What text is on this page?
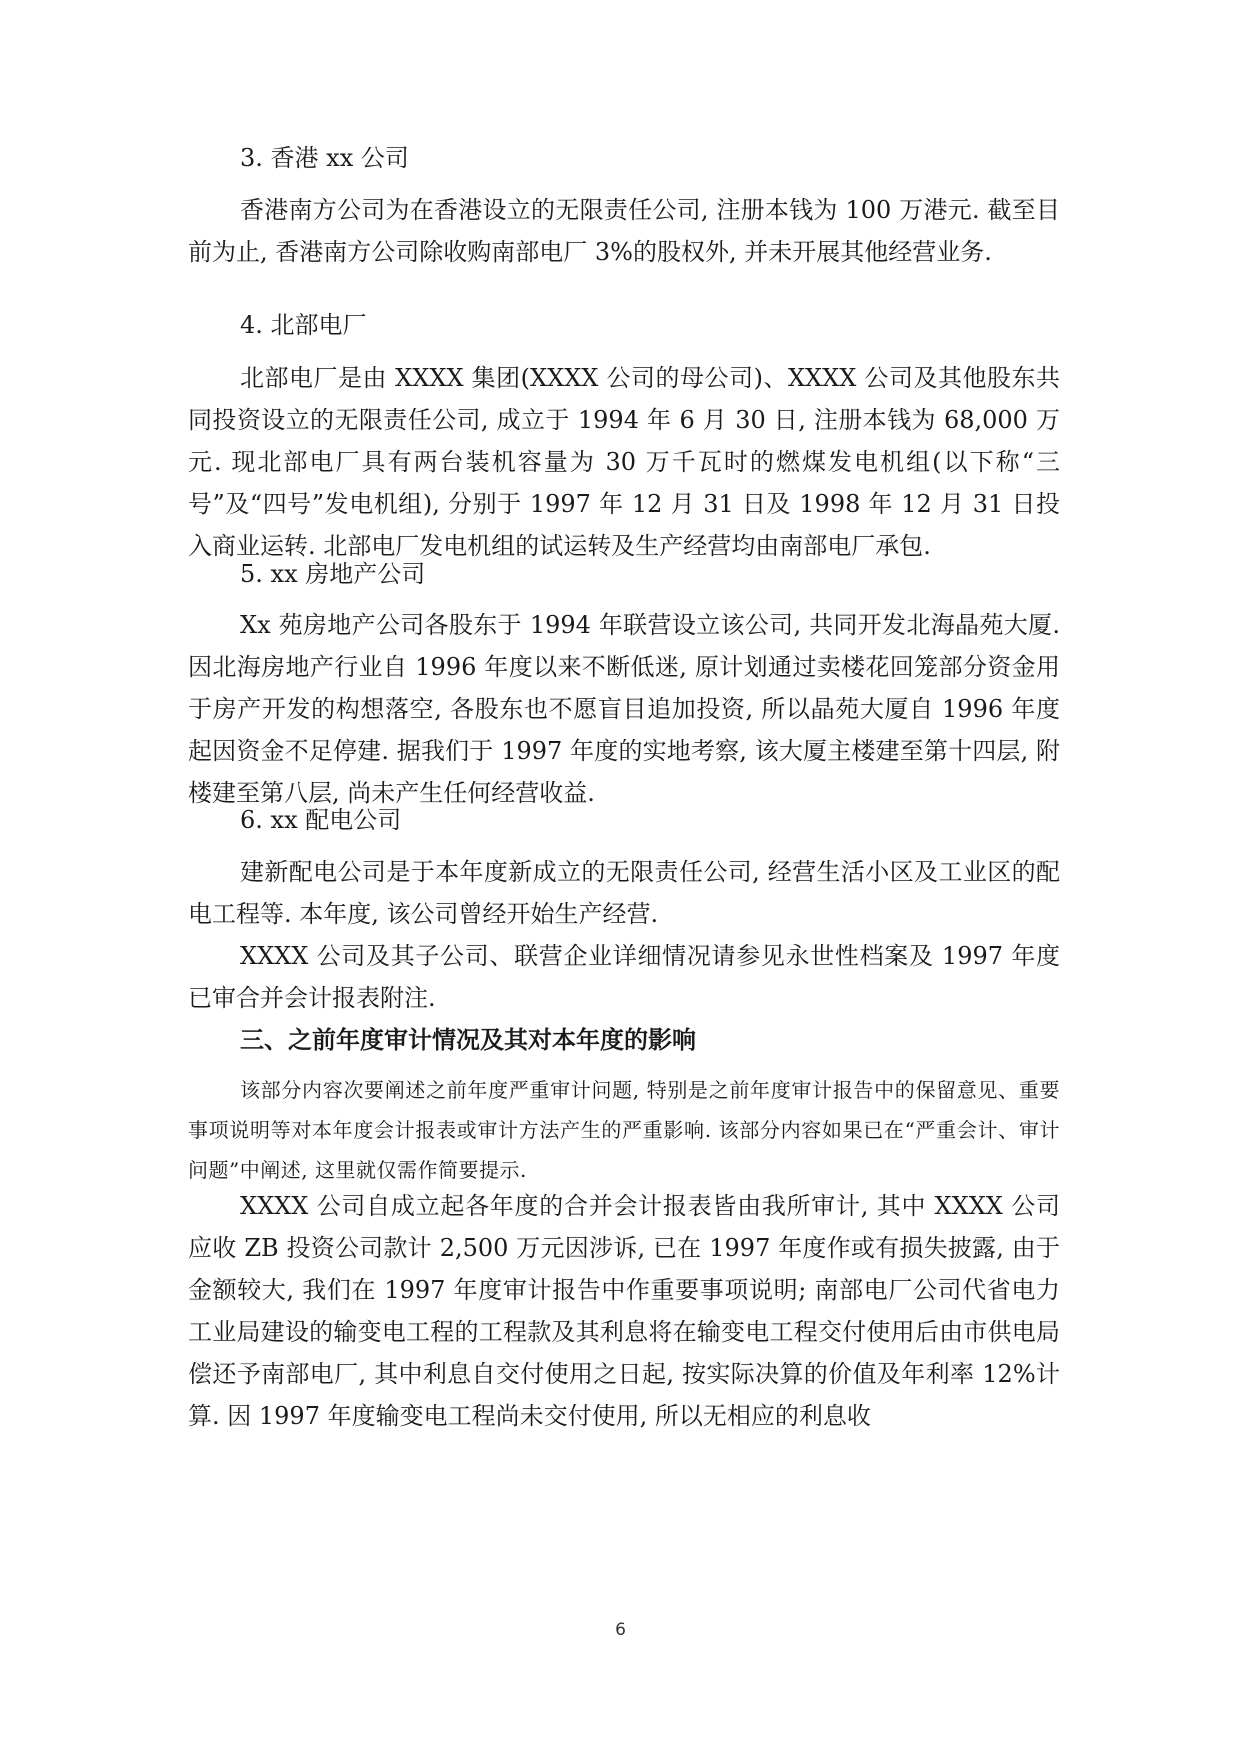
3. 香港 xx 公司

香港南方公司为在香港设立的无限责任公司, 注册本钱为 100 万港元. 截至目前为止, 香港南方公司除收购南部电厂 3%的股权外, 并未开展其他经营业务.

4. 北部电厂

北部电厂是由 XXXX 集团(XXXX 公司的母公司)、XXXX 公司及其他股东共同投资设立的无限责任公司, 成立于 1994 年 6 月 30 日, 注册本钱为 68,000 万元. 现北部电厂具有两台装机容量为 30 万千瓦时的燃煤发电机组(以下称“三号”及“四号”发电机组), 分别于 1997 年 12 月 31 日及 1998 年 12 月 31 日投入商业运转. 北部电厂发电机组的试运转及生产经营均由南部电厂承包.

5. xx 房地产公司

Xx 苑房地产公司各股东于 1994 年联营设立该公司, 共同开发北海晶苑大厦. 因北海房地产行业自 1996 年度以来不断低迷, 原计划通过卖楼花回笼部分资金用于房产开发的构想落空, 各股东也不愿盲目追加投资, 所以晶苑大厦自 1996 年度起因资金不足停建. 据我们于 1997 年度的实地考察, 该大厦主楼建至第十四层, 附楼建至第八层, 尚未产生任何经营收益.

6. xx 配电公司

建新配电公司是于本年度新成立的无限责任公司, 经营生活小区及工业区的配电工程等. 本年度, 该公司曾经开始生产经营.

XXXX 公司及其子公司、联营企业详细情况请参见永世性档案及 1997 年度已审合并会计报表附注.

三、之前年度审计情况及其对本年度的影响

该部分内容次要阐述之前年度严重审计问题, 特别是之前年度审计报告中的保留意见、重要事项说明等对本年度会计报表或审计方法产生的严重影响. 该部分内容如果已在“严重会计、审计问题”中阐述, 这里就仅需作简要提示.

XXXX 公司自成立起各年度的合并会计报表皆由我所审计, 其中 XXXX 公司应收 ZB 投资公司款计 2,500 万元因涉诉, 已在 1997 年度作或有损失披露, 由于金额较大, 我们在 1997 年度审计报告中作重要事项说明; 南部电厂公司代省电力工业局建设的输变电工程的工程款及其利息将在输变电工程交付使用后由市供电局偿还予南部电厂, 其中利息自交付使用之日起, 按实际决算的价值及年利率 12%计算. 因 1997 年度输变电工程尚未交付使用, 所以无相应的利息收

6
